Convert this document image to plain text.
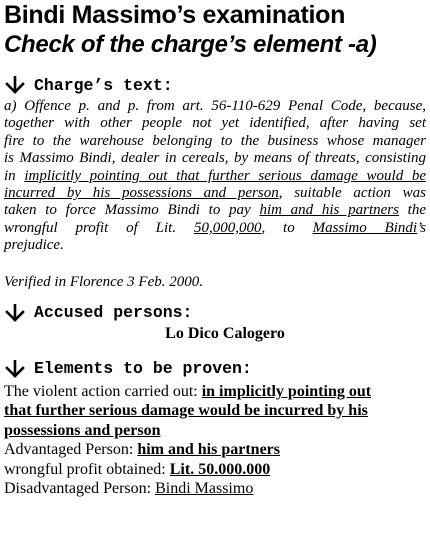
Bindi Massimo’s examination
Check of the charge’s element -a)
Charge’s text:
a) Offence p. and p. from art. 56-110-629 Penal Code, because,
together with other people not yet identified, after having set
fire to the warehouse belonging to the business whose manager
is Massimo Bindi, dealer in cereals, by means of threats, consisting
in implicitly pointing out that further serious damage would be
incurred by his possessions and person, suitable action was
taken to force Massimo Bindi to pay him and his partners the
wrongful profit of Lit. 50,000,000, to Massimo Bindi’s
prejudice.

Verified in Florence 3 Feb. 2000.

Accused persons:

Lo Dico Calogero

Elements to be proven:
The violent action carried out: in implicitly pointing out
that further serious damage would be incurred by his
possessions and person
Advantaged Person: him and his partners
wrongful profit obtained: Lit. 50.000.000
Disadvantaged Person: Bindi Massimo
